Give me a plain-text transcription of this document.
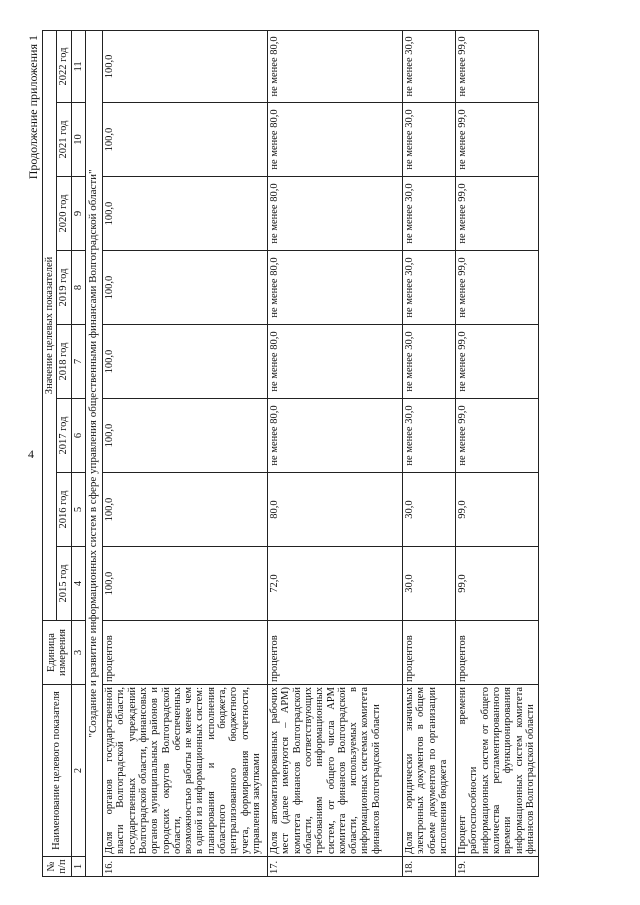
4
Продолжение приложения 1
№ п/п	Наименование целевого показателя	Единица измерения	Значение целевых показателей							
			2015 год	2016 год	2017 год	2018 год	2019 год	2020 год	2021 год	2022 год
1	2	3	4	5	6	7	8	9	10	11
"Создание и развитие информационных систем в сфере управления общественными финансами Волгоградской области"										
16.	Доля органов государственной власти Волгоградской области, государственных учреждений Волгоградской области, финансовых органов муниципальных районов и городских округов Волгоградской области, обеспеченных возможностью работы не менее чем в одной из информационных систем: планирования и исполнения областного бюджета, централизованного бюджетного учета, формирования отчетности, управления закупками	процентов	100,0	100,0	100,0	100,0	100,0	100,0	100,0	100,0
17.	Доля автоматизированных рабочих мест (далее именуются – АРМ) комитета финансов Волгоградской области, соответствующих требованиям информационных систем, от общего числа АРМ комитета финансов Волгоградской области, используемых в информационных системах комитета финансов Волгоградской области	процентов	72,0	80,0	не менее 80,0	не менее 80,0	не менее 80,0	не менее 80,0	не менее 80,0	не менее 80,0
18.	Доля юридически значимых электронных документов в общем объеме документов по организации исполнения бюджета	процентов	30,0	30,0	не менее 30,0	не менее 30,0	не менее 30,0	не менее 30,0	не менее 30,0	не менее 30,0
19.	Процент времени работоспособности информационных систем от общего количества регламентированного времени функционирования информационных систем комитета финансов Волгоградской области	процентов	99,0	99,0	не менее 99,0	не менее 99,0	не менее 99,0	не менее 99,0	не менее 99,0	не менее 99,0
